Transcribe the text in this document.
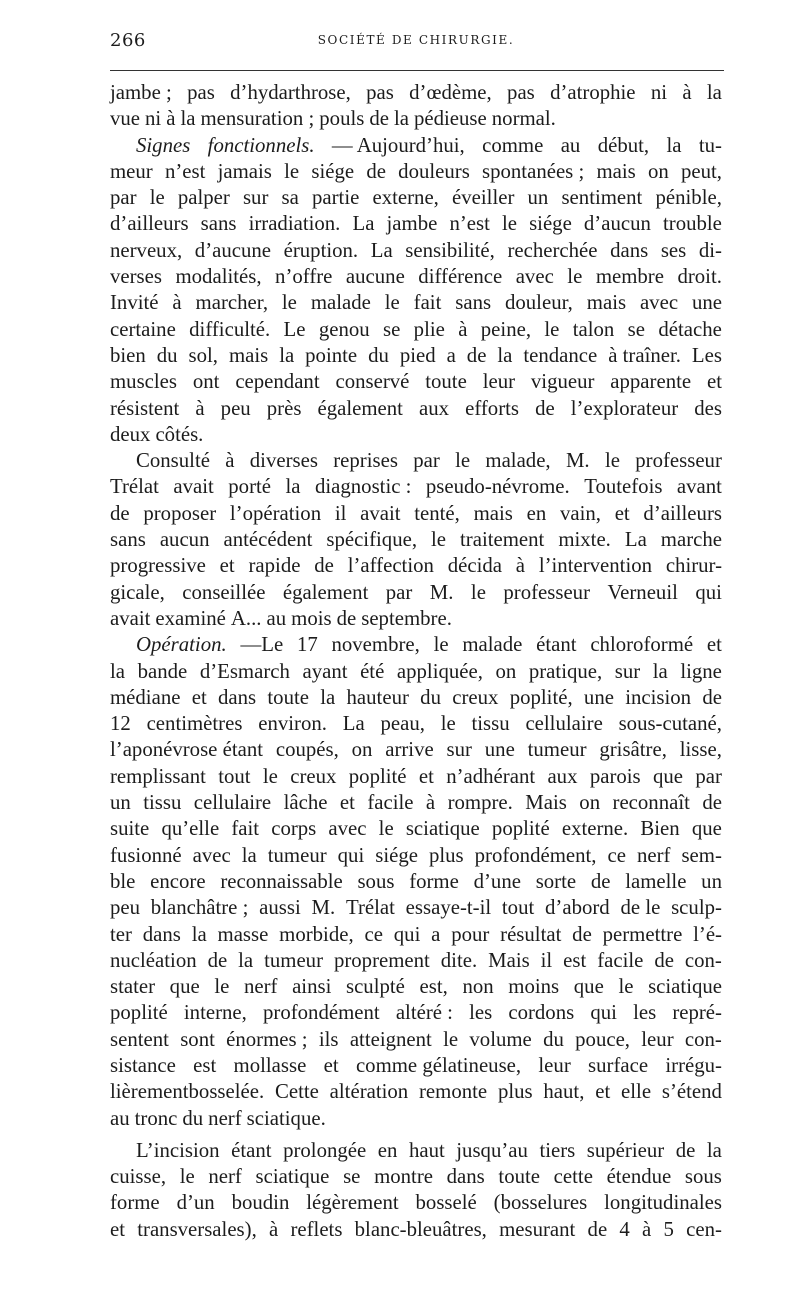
266	SOCIÉTÉ DE CHIRURGIE.
jambe ; pas d’hydarthrose, pas d’œdème, pas d’atrophie ni à la
vue ni à la mensuration ; pouls de la pédieuse normal.
Signes fonctionnels. — Aujourd’hui, comme au début, la tu-
meur n’est jamais le siége de douleurs spontanées ; mais on peut,
par le palper sur sa partie externe, éveiller un sentiment pénible,
d’ailleurs sans irradiation. La jambe n’est le siége d’aucun trouble
nerveux, d’aucune éruption. La sensibilité, recherchée dans ses di-
verses modalités, n’offre aucune différence avec le membre droit.
Invité à marcher, le malade le fait sans douleur, mais avec une
certaine difficulté. Le genou se plie à peine, le talon se détache
bien du sol, mais la pointe du pied a de la tendance à traîner. Les
muscles ont cependant conservé toute leur vigueur apparente et
résistent à peu près également aux efforts de l’explorateur des
deux côtés.
Consulté à diverses reprises par le malade, M. le professeur
Trélat avait porté la diagnostic : pseudo-névrome. Toutefois avant
de proposer l’opération il avait tenté, mais en vain, et d’ailleurs
sans aucun antécédent spécifique, le traitement mixte. La marche
progressive et rapide de l’affection décida à l’intervention chirur-
gicale, conseillée également par M. le professeur Verneuil qui
avait examiné A... au mois de septembre.
Opération. —Le 17 novembre, le malade étant chloroformé et
la bande d’Esmarch ayant été appliquée, on pratique, sur la ligne
médiane et dans toute la hauteur du creux poplité, une incision de
12 centimètres environ. La peau, le tissu cellulaire sous-cutané,
l’aponévrose étant coupés, on arrive sur une tumeur grisâtre, lisse,
remplissant tout le creux poplité et n’adhérant aux parois que par
un tissu cellulaire lâche et facile à rompre. Mais on reconnaît de
suite qu’elle fait corps avec le sciatique poplité externe. Bien que
fusionné avec la tumeur qui siége plus profondément, ce nerf sem-
ble encore reconnaissable sous forme d’une sorte de lamelle un
peu blanchâtre ; aussi M. Trélat essaye-t-il tout d’abord de le sculp-
ter dans la masse morbide, ce qui a pour résultat de permettre l’é-
nucléation de la tumeur proprement dite. Mais il est facile de con-
stater que le nerf ainsi sculpté est, non moins que le sciatique
poplité interne, profondément altéré : les cordons qui les repré-
sentent sont énormes ; ils atteignent le volume du pouce, leur con-
sistance est mollasse et comme gélatineuse, leur surface irrégu-
lièrementbosselée. Cette altération remonte plus haut, et elle s’étend
au tronc du nerf sciatique.
L’incision étant prolongée en haut jusqu’au tiers supérieur de la
cuisse, le nerf sciatique se montre dans toute cette étendue sous
forme d’un boudin légèrement bosselé (bosselures longitudinales
et transversales), à reflets blanc-bleuâtres, mesurant de 4 à 5 cen-
